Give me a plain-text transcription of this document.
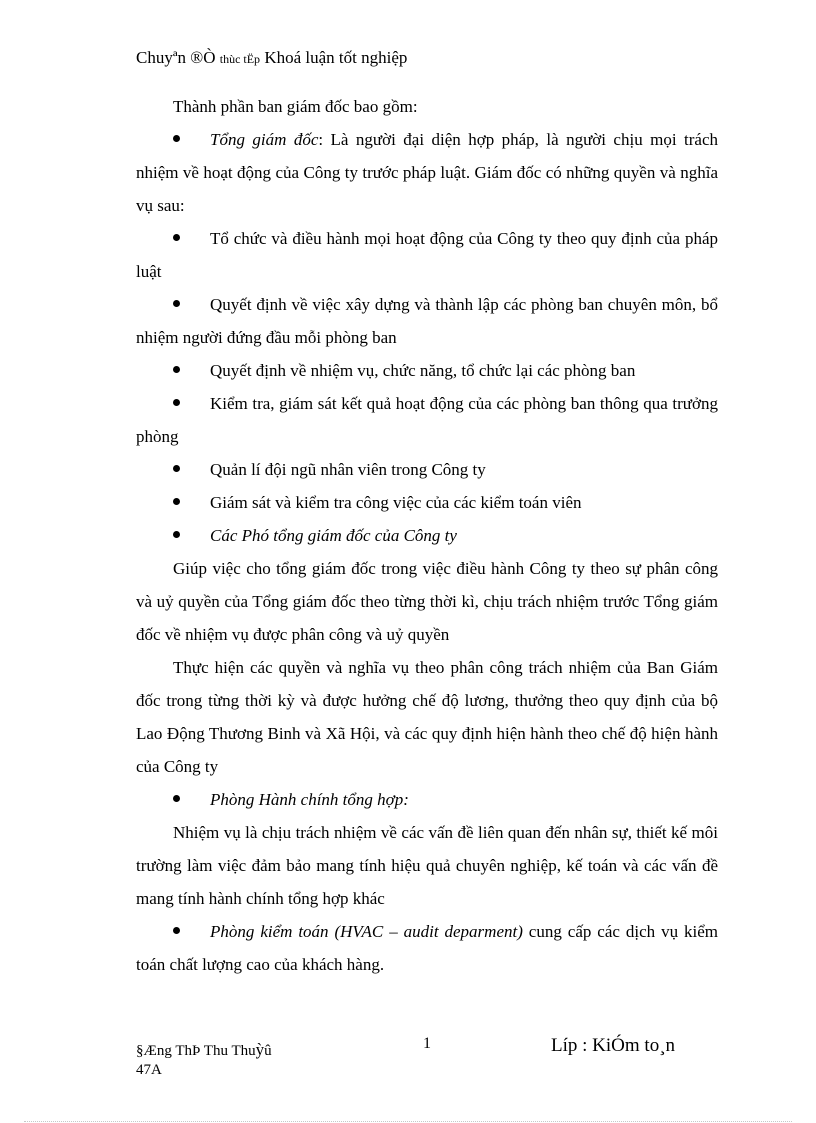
Chuyªn ®Ò thùc tËp Khoá luận tốt nghiệp

Thành phần ban giám đốc bao gồm:

Tổng giám đốc: Là người đại diện hợp pháp, là người chịu mọi trách nhiệm về hoạt động của Công ty trước pháp luật. Giám đốc có những quyền và nghĩa vụ sau:

Tổ chức và điều hành mọi hoạt động của Công ty theo quy định của pháp luật

Quyết định về việc xây dựng và thành lập các phòng ban chuyên môn, bổ nhiệm người đứng đầu mỗi phòng ban

Quyết định về nhiệm vụ, chức năng, tổ chức lại các phòng ban

Kiểm tra, giám sát kết quả hoạt động của các phòng ban thông qua trưởng phòng

Quản lí đội ngũ nhân viên trong Công ty

Giám sát và kiểm tra công việc của các kiểm toán viên

Các Phó tổng giám đốc của Công ty

Giúp việc cho tổng giám đốc trong việc điều hành Công ty theo sự phân công và uỷ quyền của Tổng giám đốc theo từng thời kì, chịu trách nhiệm trước Tổng giám đốc về nhiệm vụ được phân công và uỷ quyền

Thực hiện các quyền và nghĩa vụ theo phân công trách nhiệm của Ban Giám đốc trong từng thời kỳ và được hưởng chế độ lương, thưởng theo quy định của bộ Lao Động Thương Binh và Xã Hội, và các quy định hiện hành theo chế độ hiện hành của Công ty

Phòng Hành chính tổng hợp:

Nhiệm vụ là chịu trách nhiệm về các vấn đề liên quan đến nhân sự, thiết kế môi trường làm việc đảm bảo mang tính hiệu quả chuyên nghiệp, kế toán và các vấn đề mang tính hành chính tổng hợp khác

Phòng kiểm toán (HVAC – audit deparment) cung cấp các dịch vụ kiểm toán chất lượng cao của khách hàng.

§Æng ThÞ Thu Thuỳû
47A
1	Líp : KiÓm to¸n
